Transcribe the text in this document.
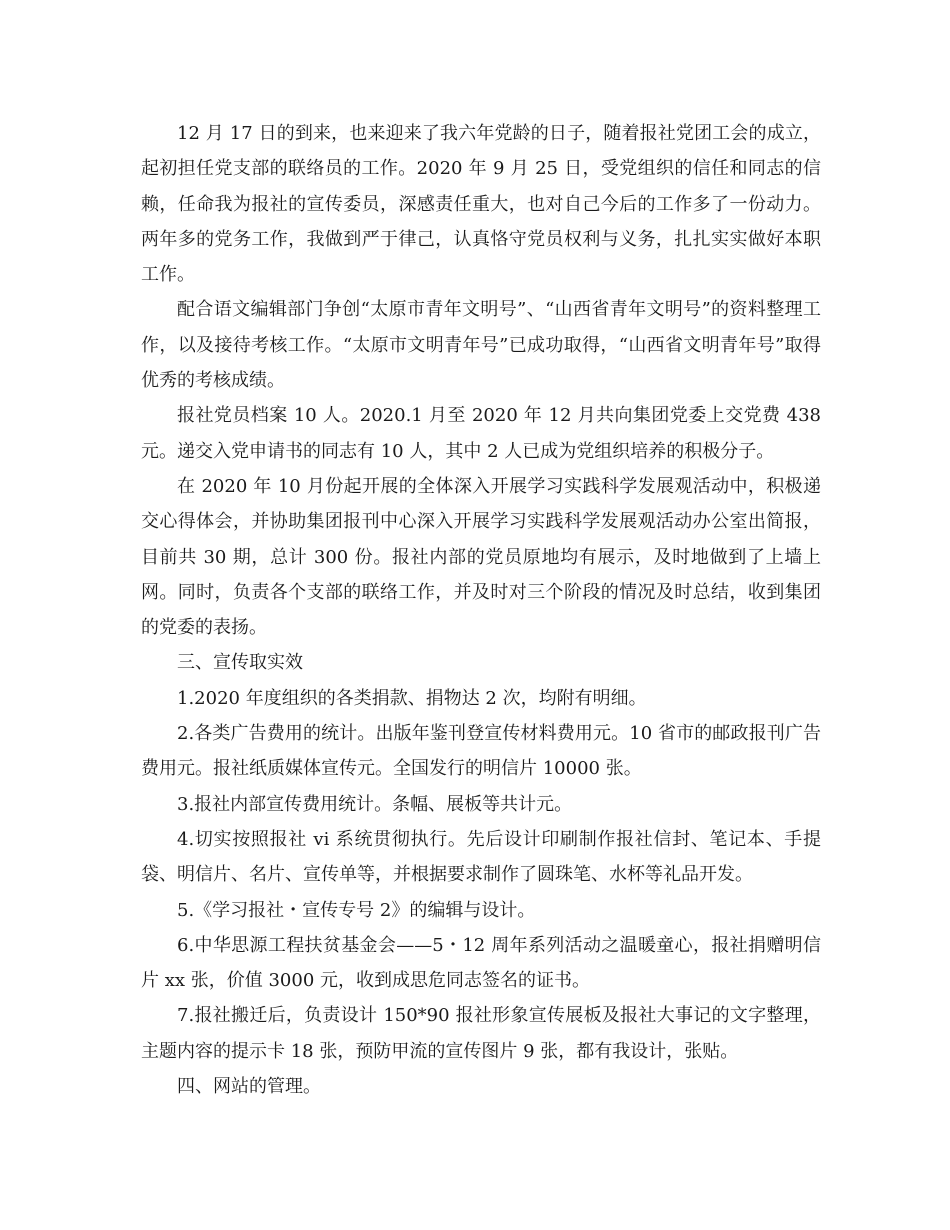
12 月 17 日的到来，也来迎来了我六年党龄的日子，随着报社党团工会的成立，起初担任党支部的联络员的工作。2020 年 9 月 25 日，受党组织的信任和同志的信赖，任命我为报社的宣传委员，深感责任重大，也对自己今后的工作多了一份动力。两年多的党务工作，我做到严于律己，认真恪守党员权利与义务，扎扎实实做好本职工作。

配合语文编辑部门争创“太原市青年文明号”、“山西省青年文明号”的资料整理工作，以及接待考核工作。“太原市文明青年号”已成功取得，“山西省文明青年号”取得优秀的考核成绩。

报社党员档案 10 人。2020.1 月至 2020 年 12 月共向集团党委上交党费 438 元。递交入党申请书的同志有 10 人，其中 2 人已成为党组织培养的积极分子。

在 2020 年 10 月份起开展的全体深入开展学习实践科学发展观活动中，积极递交心得体会，并协助集团报刊中心深入开展学习实践科学发展观活动办公室出简报，目前共 30 期，总计 300 份。报社内部的党员原地均有展示，及时地做到了上墙上网。同时，负责各个支部的联络工作，并及时对三个阶段的情况及时总结，收到集团的党委的表扬。

三、宣传取实效

1.2020 年度组织的各类捐款、捐物达 2 次，均附有明细。

2.各类广告费用的统计。出版年鉴刊登宣传材料费用元。10 省市的邮政报刊广告费用元。报社纸质媒体宣传元。全国发行的明信片 10000 张。

3.报社内部宣传费用统计。条幅、展板等共计元。

4.切实按照报社 vi 系统贯彻执行。先后设计印刷制作报社信封、笔记本、手提袋、明信片、名片、宣传单等，并根据要求制作了圆珠笔、水杯等礼品开发。

5.《学习报社・宣传专号 2》的编辑与设计。

6.中华思源工程扶贫基金会——5・12 周年系列活动之温暖童心，报社捐赠明信片 xx 张，价值 3000 元，收到成思危同志签名的证书。

7.报社搬迁后，负责设计 150*90 报社形象宣传展板及报社大事记的文字整理，主题内容的提示卡 18 张，预防甲流的宣传图片 9 张，都有我设计，张贴。

四、网站的管理。
